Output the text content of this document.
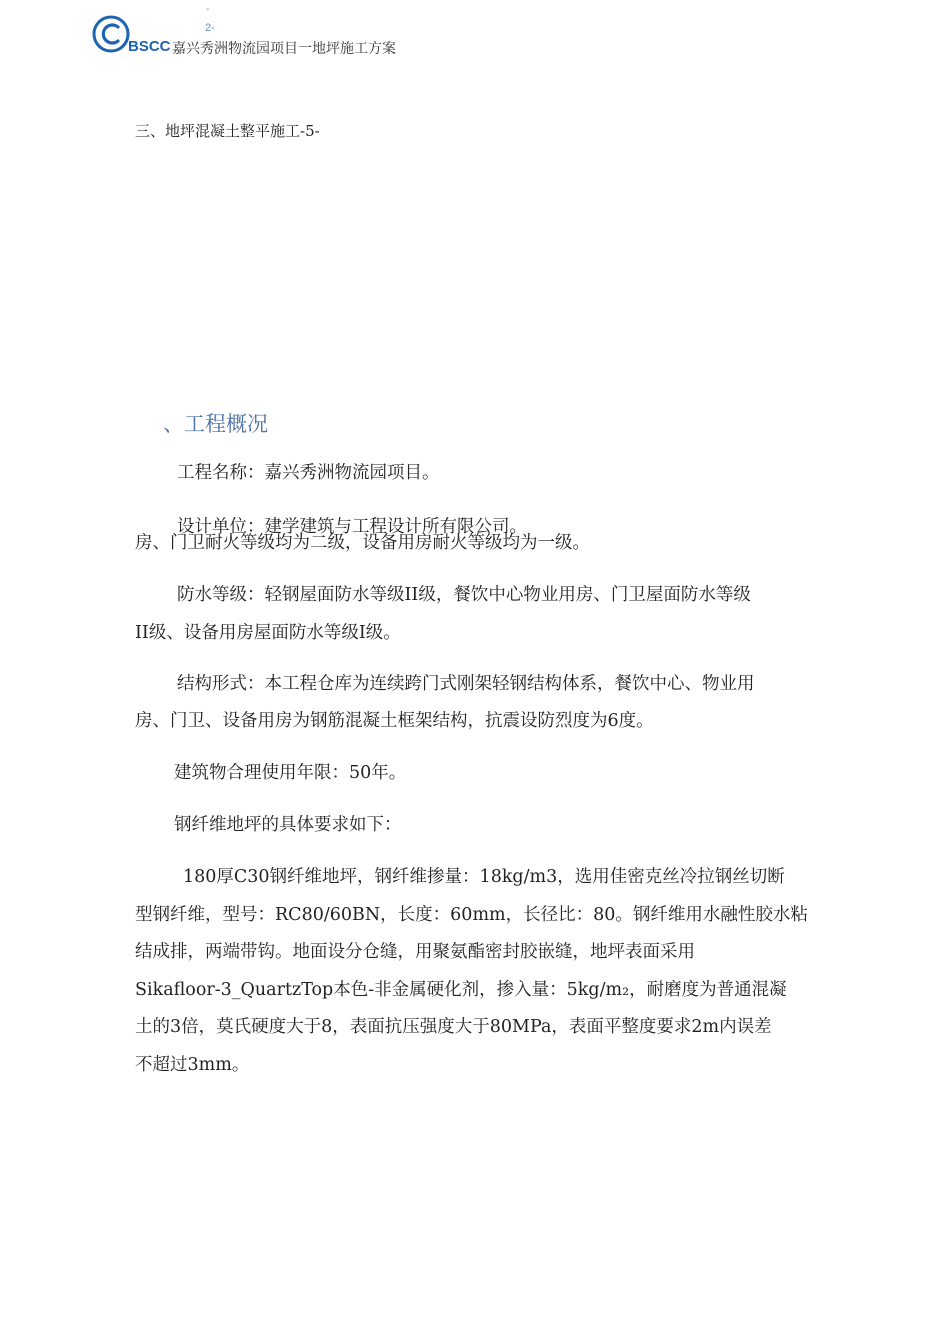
-
2-
BSCC 嘉兴秀洲物流园项目一地坪施工方案
三、地坪混凝土整平施工-5-
、工程概况
工程名称：嘉兴秀洲物流园项目。
设计单位：建学建筑与工程设计所有限公司。
房、门卫耐火等级均为二级，设备用房耐火等级均为一级。
防水等级：轻钢屋面防水等级II级，餐饮中心物业用房、门卫屋面防水等级
II级、设备用房屋面防水等级I级。
结构形式：本工程仓库为连续跨门式刚架轻钢结构体系，餐饮中心、物业用
房、门卫、设备用房为钢筋混凝土框架结构，抗震设防烈度为6度。
建筑物合理使用年限：50年。
钢纤维地坪的具体要求如下：
180厚C30钢纤维地坪，钢纤维掺量：18kg/m3，选用佳密克丝冷拉钢丝切断
型钢纤维，型号：RC80/60BN，长度：60mm，长径比：80。钢纤维用水融性胶水粘
结成排，两端带钩。地面设分仓缝，用聚氨酯密封胶嵌缝，地坪表面采用
Sikafloor-3_QuartzTop本色-非金属硬化剂，掺入量：5kg/m₂，耐磨度为普通混凝
土的3倍，莫氏硬度大于8，表面抗压强度大于80MPa，表面平整度要求2m内误差
不超过3mm。
